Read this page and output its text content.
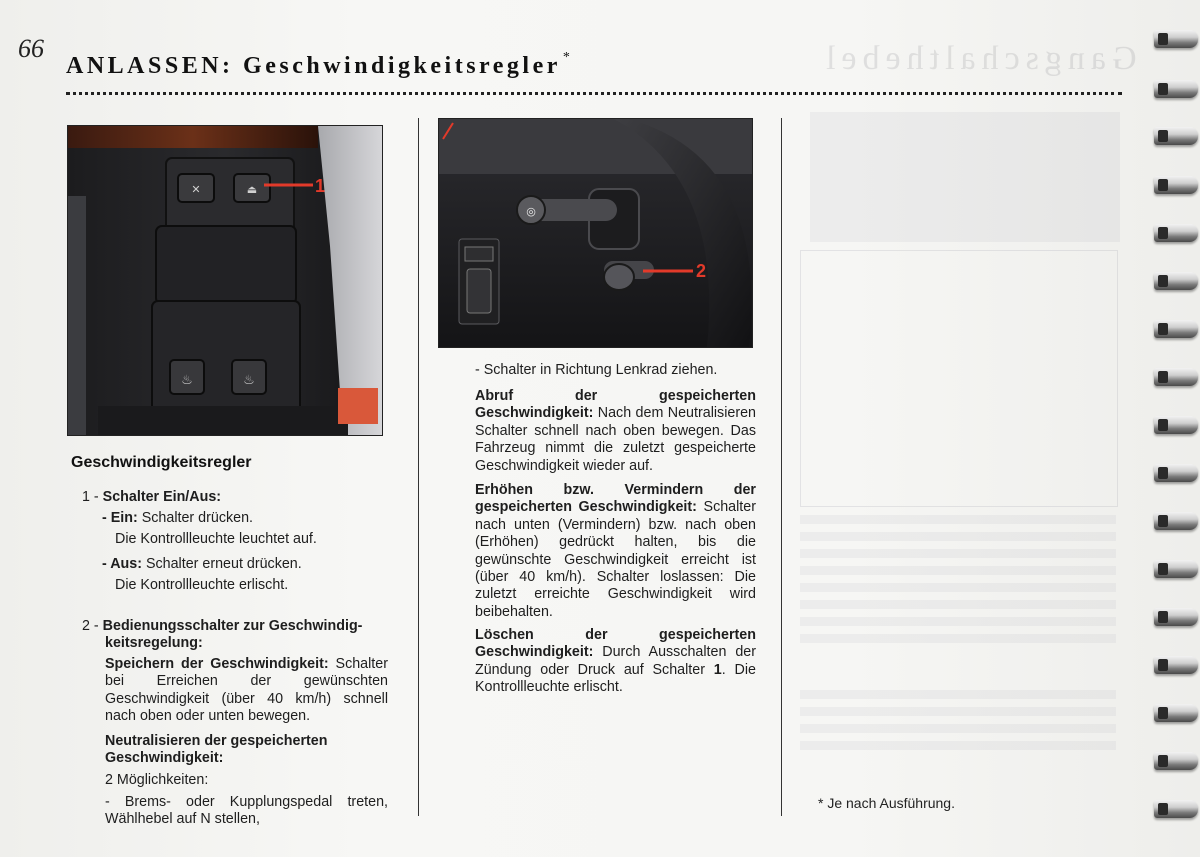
Gangschalthebel
66
ANLASSEN: Geschwindigkeitsregler *
✕	⏏
♨	♨
1
◎
2
Geschwindigkeitsregler
1 - Schalter Ein/Aus:
- Ein: Schalter drücken.
Die Kontrollleuchte leuchtet auf.
- Aus: Schalter erneut drücken.
Die Kontrollleuchte erlischt.
2 - Bedienungsschalter zur Geschwindig-
keitsregelung:
Speichern der Geschwindigkeit: Schalter bei Erreichen der gewünschten Geschwindigkeit (über 40 km/h) schnell nach oben oder unten bewegen.
Neutralisieren der gespeicherten Geschwindigkeit:
2 Möglichkeiten:
- Brems- oder Kupplungspedal treten, Wählhebel auf N stellen,
- Schalter in Richtung Lenkrad ziehen.
Abruf der gespeicherten Geschwindigkeit: Nach dem Neutralisieren Schalter schnell nach oben bewegen. Das Fahrzeug nimmt die zuletzt gespeicherte Geschwindigkeit wieder auf.
Erhöhen bzw. Vermindern der gespeicherten Geschwindigkeit: Schalter nach unten (Vermindern) bzw. nach oben (Erhöhen) gedrückt halten, bis die gewünschte Geschwindigkeit erreicht ist (über 40 km/h). Schalter loslassen: Die zuletzt erreichte Geschwindigkeit wird beibehalten.
Löschen der gespeicherten Geschwindigkeit: Durch Ausschalten der Zündung oder Druck auf Schalter 1. Die Kontrollleuchte erlischt.
* Je nach Ausführung.
